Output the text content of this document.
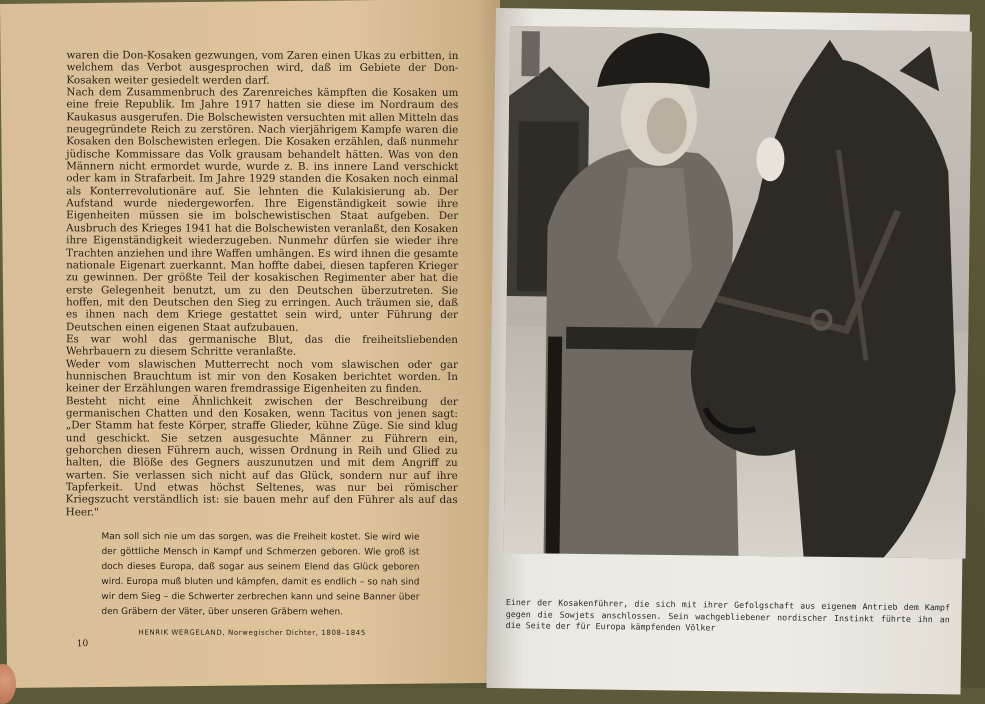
waren die Don-Kosaken gezwungen, vom Zaren einen Ukas zu erbitten, in welchem das Verbot ausgesprochen wird, daß im Gebiete der Don-Kosaken weiter gesiedelt werden darf.

Nach dem Zusammenbruch des Zarenreiches kämpften die Kosaken um eine freie Republik. Im Jahre 1917 hatten sie diese im Nordraum des Kaukasus ausgerufen. Die Bolschewisten versuchten mit allen Mitteln das neugegründete Reich zu zerstören. Nach vierjährigem Kampfe waren die Kosaken den Bolschewisten erlegen. Die Kosaken erzählen, daß nunmehr jüdische Kommissare das Volk grausam behandelt hätten. Was von den Männern nicht ermordet wurde, wurde z. B. ins innere Land verschickt oder kam in Strafarbeit. Im Jahre 1929 standen die Kosaken noch einmal als Konterrevolutionäre auf. Sie lehnten die Kulakisierung ab. Der Aufstand wurde niedergeworfen. Ihre Eigenständigkeit sowie ihre Eigenheiten müssen sie im bolschewistischen Staat aufgeben. Der Ausbruch des Krieges 1941 hat die Bolschewisten veranlaßt, den Kosaken ihre Eigenständigkeit wiederzugeben. Nunmehr dürfen sie wieder ihre Trachten anziehen und ihre Waffen umhängen. Es wird ihnen die gesamte nationale Eigenart zuerkannt. Man hoffte dabei, diesen tapferen Krieger zu gewinnen. Der größte Teil der kosakischen Regimenter aber hat die erste Gelegenheit benutzt, um zu den Deutschen überzutreten. Sie hoffen, mit den Deutschen den Sieg zu erringen. Auch träumen sie, daß es ihnen nach dem Kriege gestattet sein wird, unter Führung der Deutschen einen eigenen Staat aufzubauen.

Es war wohl das germanische Blut, das die freiheitsliebenden Wehrbauern zu diesem Schritte veranlaßte.

Weder vom slawischen Mutterrecht noch vom slawischen oder gar hunnischen Brauchtum ist mir von den Kosaken berichtet worden. In keiner der Erzählungen waren fremdrassige Eigenheiten zu finden.

Besteht nicht eine Ähnlichkeit zwischen der Beschreibung der germanischen Chatten und den Kosaken, wenn Tacitus von jenen sagt: „Der Stamm hat feste Körper, straffe Glieder, kühne Züge. Sie sind klug und geschickt. Sie setzen ausgesuchte Männer zu Führern ein, gehorchen diesen Führern auch, wissen Ordnung in Reih und Glied zu halten, die Blöße des Gegners auszunutzen und mit dem Angriff zu warten. Sie verlassen sich nicht auf das Glück, sondern nur auf ihre Tapferkeit. Und etwas höchst Seltenes, was nur bei römischer Kriegszucht verständlich ist: sie bauen mehr auf den Führer als auf das Heer."

Man soll sich nie um das sorgen, was die Freiheit kostet. Sie wird wie der göttliche Mensch in Kampf und Schmerzen geboren. Wie groß ist doch dieses Europa, daß sogar aus seinem Elend das Glück geboren wird. Europa muß bluten und kämpfen, damit es endlich – so nah sind wir dem Sieg – die Schwerter zerbrechen kann und seine Banner über den Gräbern der Väter, über unseren Gräbern wehen.

HENRIK WERGELAND, Norwegischer Dichter, 1808–1845
10

Einer der Kosakenführer, die sich mit ihrer Gefolgschaft aus eigenem Antrieb dem Kampf gegen die Sowjets anschlossen. Sein wachgebliebener nordischer Instinkt führte ihn an die Seite der für Europa kämpfenden Völker
